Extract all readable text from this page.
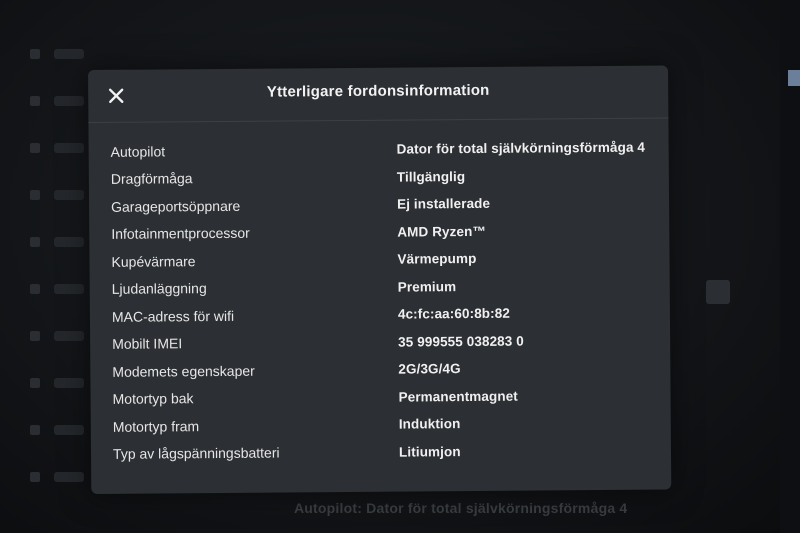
Autopilot: Dator för total självkörningsförmåga 4
Ytterligare fordonsinformation
Autopilot	Dator för total självkörningsförmåga 4
Dragförmåga	Tillgänglig
Garageportsöppnare	Ej installerade
Infotainmentprocessor	AMD Ryzen™
Kupévärmare	Värmepump
Ljudanläggning	Premium
MAC-adress för wifi	4c:fc:aa:60:8b:82
Mobilt IMEI	35 999555 038283 0
Modemets egenskaper	2G/3G/4G
Motortyp bak	Permanentmagnet
Motortyp fram	Induktion
Typ av lågspänningsbatteri	Litiumjon
